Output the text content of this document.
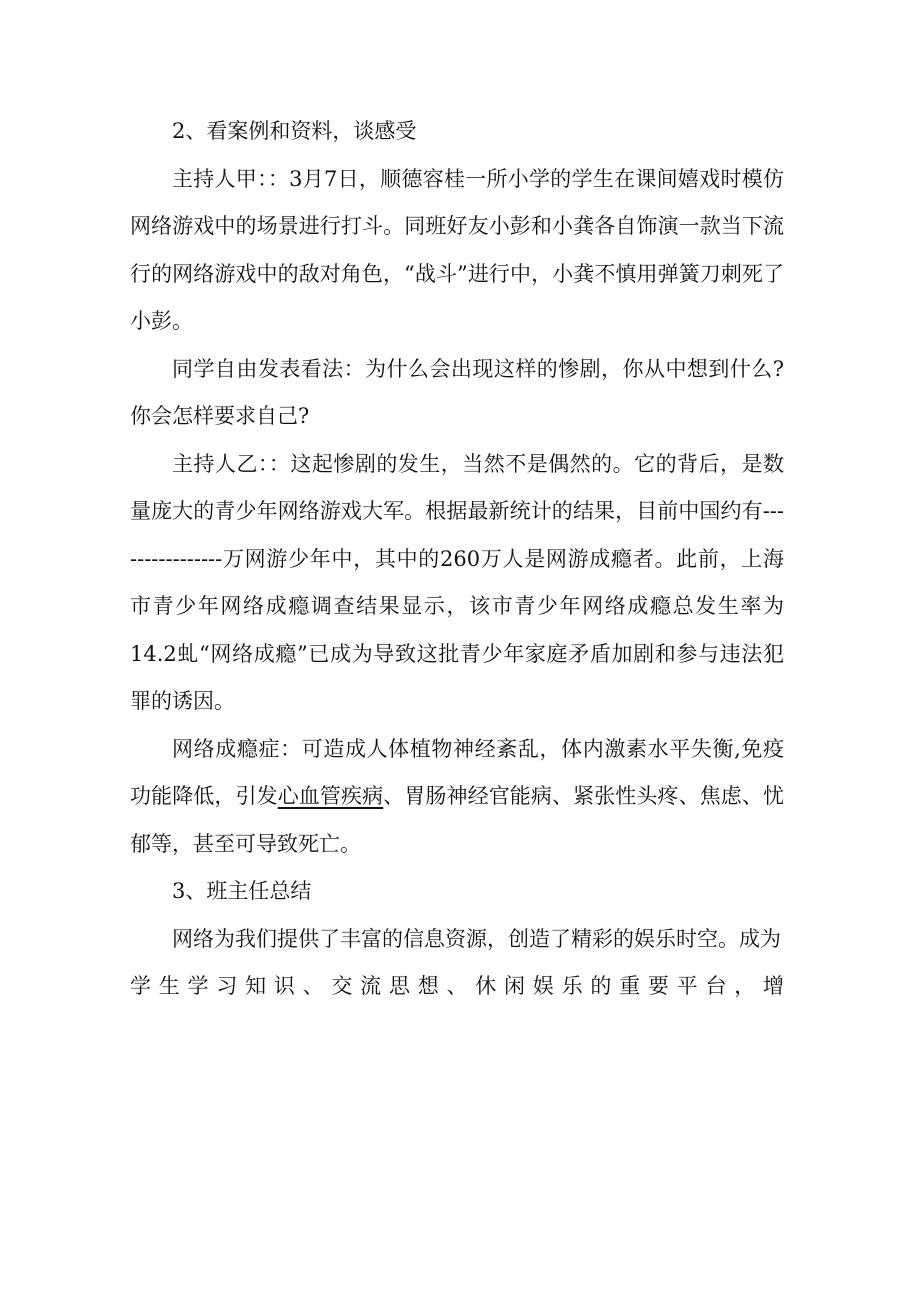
2、看案例和资料，谈感受

主持人甲：：3月7日，顺德容桂一所小学的学生在课间嬉戏时模仿网络游戏中的场景进行打斗。同班好友小彭和小龚各自饰演一款当下流行的网络游戏中的敌对角色，“战斗”进行中，小龚不慎用弹簧刀刺死了小彭。

同学自由发表看法：为什么会出现这样的惨剧，你从中想到什么?你会怎样要求自己?

主持人乙：：这起惨剧的发生，当然不是偶然的。它的背后，是数量庞大的青少年网络游戏大军。根据最新统计的结果，目前中国约有----------------万网游少年中，其中的260万人是网游成瘾者。此前，上海市青少年网络成瘾调查结果显示，该市青少年网络成瘾总发生率为14.2虬“网络成瘾”已成为导致这批青少年家庭矛盾加剧和参与违法犯罪的诱因。

网络成瘾症：可造成人体植物神经紊乱，体内激素水平失衡,免疫功能降低，引发心血管疾病、胃肠神经官能病、紧张性头疼、焦虑、忧郁等，甚至可导致死亡。

3、班主任总结

网络为我们提供了丰富的信息资源，创造了精彩的娱乐时空。成为

学生学习知识、交流思想、休闲娱乐的重要平台，增
